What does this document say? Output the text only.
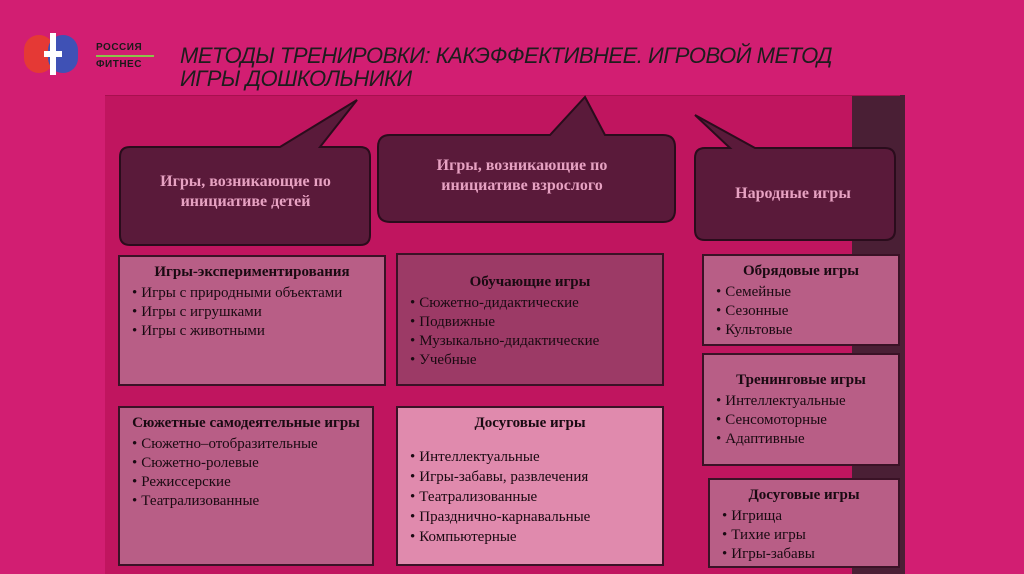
РОССИЯ
ФИТНЕС	МЕТОДЫ ТРЕНИРОВКИ: КАКЭФФЕКТИВНЕЕ. ИГРОВОЙ МЕТОД
ИГРЫ ДОШКОЛЬНИКИ
Игры, возникающие по инициативе детей
Игры, возникающие по инициативе взрослого	Народные игры
Игры-экспериментирования
• Игры с природными объектами
• Игры с игрушками
• Игры с животными
Сюжетные самодеятельные игры
• Сюжетно–отобразительные
• Сюжетно-ролевые
• Режиссерские
• Театрализованные
Обучающие игры
• Сюжетно-дидактические
• Подвижные
• Музыкально-дидактические
• Учебные
Досуговые игры
• Интеллектуальные
• Игры-забавы, развлечения
• Театрализованные
• Празднично-карнавальные
• Компьютерные
Обрядовые игры
• Семейные
• Сезонные
• Культовые
Тренинговые игры
• Интеллектуальные
• Сенсомоторные
• Адаптивные
Досуговые игры
• Игрища
• Тихие игры
• Игры-забавы
